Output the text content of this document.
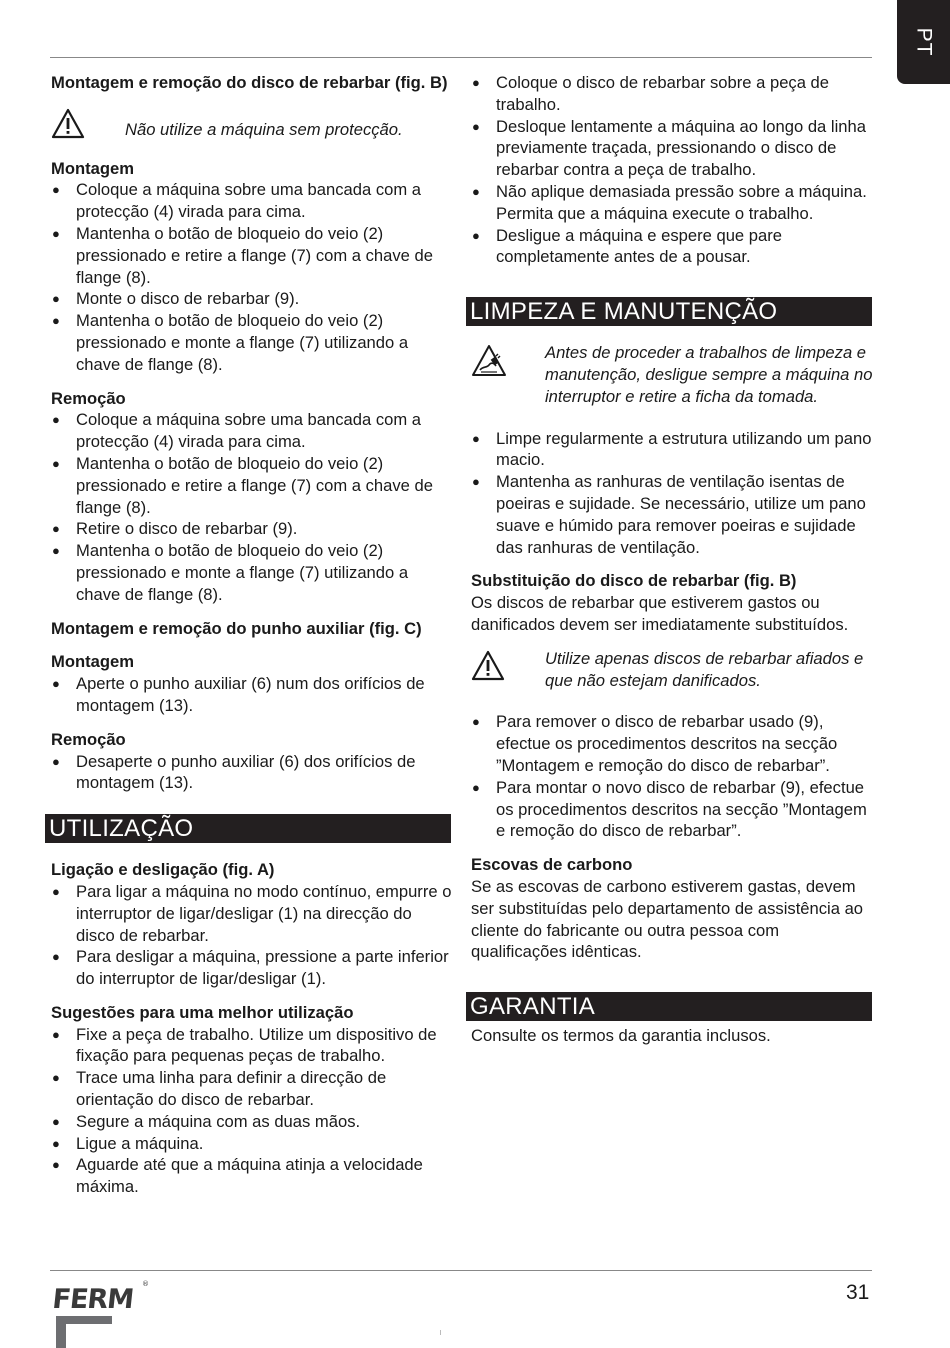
PT
Montagem e remoção do disco de rebarbar (fig. B)
Não utilize a máquina sem protecção.
Montagem
● Coloque a máquina sobre uma bancada com a protecção (4) virada para cima.
● Mantenha o botão de bloqueio do veio (2) pressionado e retire a flange (7) com a chave de flange (8).
● Monte o disco de rebarbar (9).
● Mantenha o botão de bloqueio do veio (2) pressionado e monte a flange (7) utilizando a chave de flange (8).
Remoção
● Coloque a máquina sobre uma bancada com a protecção (4) virada para cima.
● Mantenha o botão de bloqueio do veio (2) pressionado e retire a flange (7) com a chave de flange (8).
● Retire o disco de rebarbar (9).
● Mantenha o botão de bloqueio do veio (2) pressionado e monte a flange (7) utilizando a chave de flange (8).
Montagem e remoção do punho auxiliar (fig. C)
Montagem
● Aperte o punho auxiliar (6) num dos orifícios de montagem (13).
Remoção
● Desaperte o punho auxiliar (6) dos orifícios de montagem (13).
UTILIZAÇÃO
Ligação e desligação (fig. A)
● Para ligar a máquina no modo contínuo, empurre o interruptor de ligar/desligar (1) na direcção do disco de rebarbar.
● Para desligar a máquina, pressione a parte inferior do interruptor de ligar/desligar (1).
Sugestões para uma melhor utilização
● Fixe a peça de trabalho. Utilize um dispositivo de fixação para pequenas peças de trabalho.
● Trace uma linha para definir a direcção de orientação do disco de rebarbar.
● Segure a máquina com as duas mãos.
● Ligue a máquina.
● Aguarde até que a máquina atinja a velocidade máxima.
● Coloque o disco de rebarbar sobre a peça de trabalho.
● Desloque lentamente a máquina ao longo da linha previamente traçada, pressionando o disco de rebarbar contra a peça de trabalho.
● Não aplique demasiada pressão sobre a máquina. Permita que a máquina execute o trabalho.
● Desligue a máquina e espere que pare completamente antes de a pousar.
LIMPEZA E MANUTENÇÃO
Antes de proceder a trabalhos de limpeza e manutenção, desligue sempre a máquina no interruptor e retire a ficha da tomada.
● Limpe regularmente a estrutura utilizando um pano macio.
● Mantenha as ranhuras de ventilação isentas de poeiras e sujidade. Se necessário, utilize um pano suave e húmido para remover poeiras e sujidade das ranhuras de ventilação.
Substituição do disco de rebarbar (fig. B)
Os discos de rebarbar que estiverem gastos ou danificados devem ser imediatamente substituídos.
Utilize apenas discos de rebarbar afiados e que não estejam danificados.
● Para remover o disco de rebarbar usado (9), efectue os procedimentos descritos na secção ”Montagem e remoção do disco de rebarbar”.
● Para montar o novo disco de rebarbar (9), efectue os procedimentos descritos na secção ”Montagem e remoção do disco de rebarbar”.
Escovas de carbono
Se as escovas de carbono estiverem gastas, devem ser substituídas pelo departamento de assistência ao cliente do fabricante ou outra pessoa com qualificações idênticas.
GARANTIA
Consulte os termos da garantia inclusos.
FERM
®	31
